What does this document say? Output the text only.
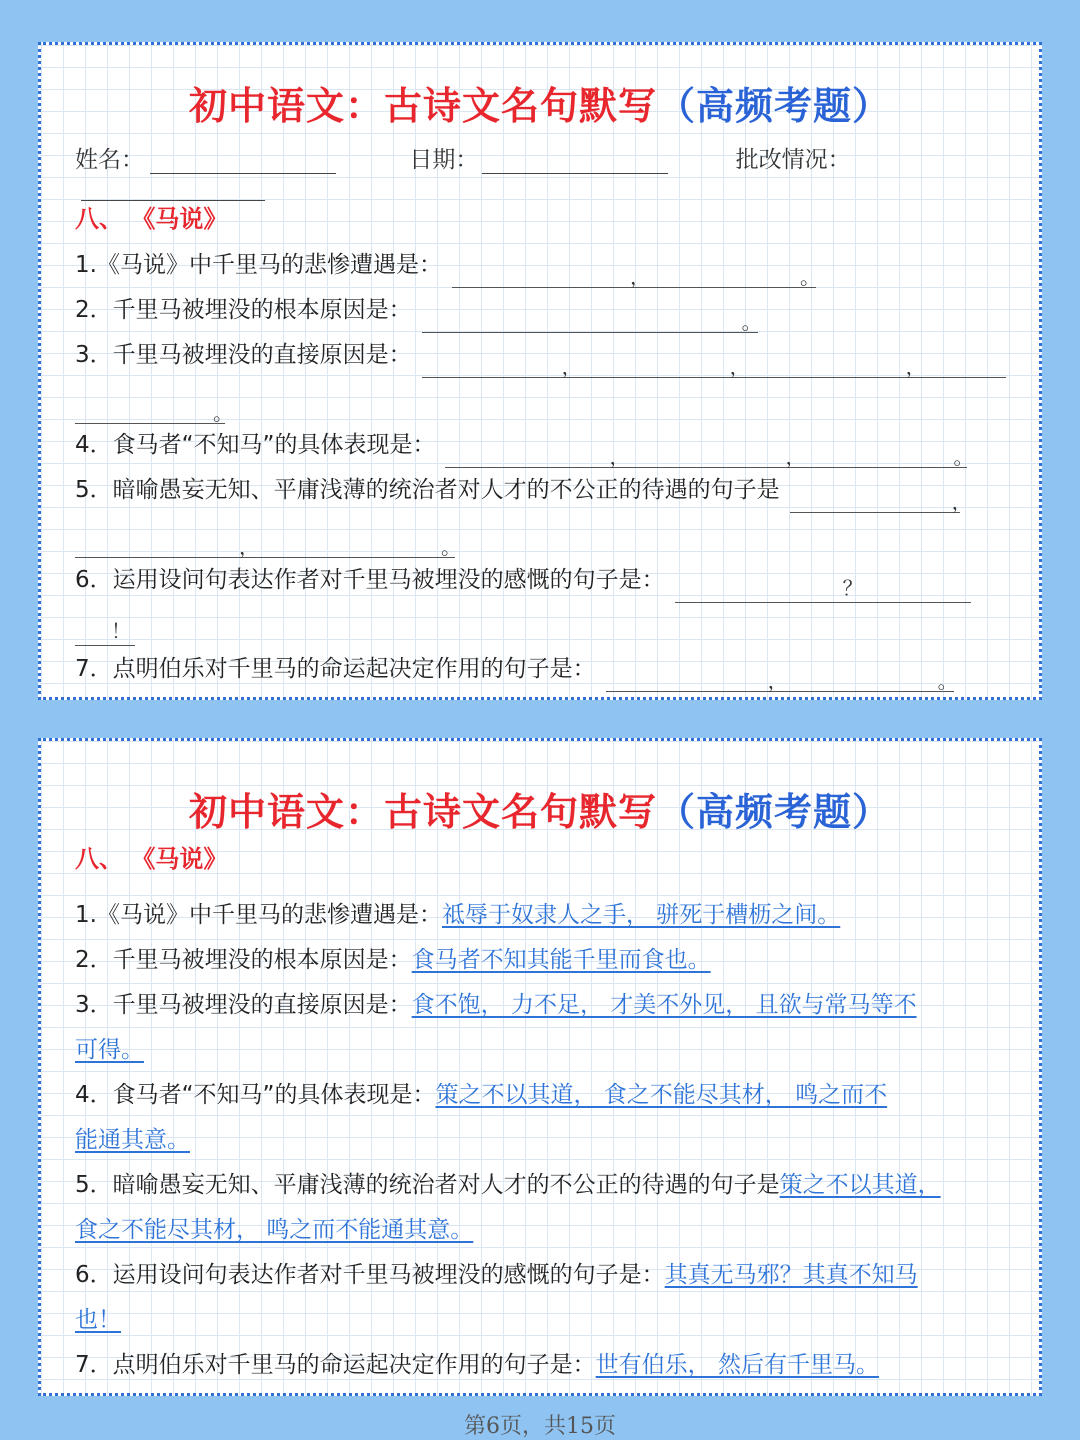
初中语文：古诗文名句默写（高频考题）
姓名：	日期：	批改情况：
八、 《马说》
1.《马说》中千里马的悲惨遭遇是：	，	。
2．千里马被埋没的根本原因是：	。
3．千里马被埋没的直接原因是：	，	，	，
。
4．食马者“不知马”的具体表现是：	，	，	。
5．暗喻愚妄无知、平庸浅薄的统治者对人才的不公正的待遇的句子是	，
，	。
6．运用设问句表达作者对千里马被埋没的感慨的句子是：	？
！
7．点明伯乐对千里马的命运起决定作用的句子是：	，	。
初中语文：古诗文名句默写（高频考题）
八、 《马说》
1.《马说》中千里马的悲惨遭遇是：祗辱于奴隶人之手， 骈死于槽枥之间。
2．千里马被埋没的根本原因是：食马者不知其能千里而食也。
3．千里马被埋没的直接原因是：食不饱， 力不足， 才美不外见， 且欲与常马等不
可得。
4．食马者“不知马”的具体表现是：策之不以其道， 食之不能尽其材， 鸣之而不
能通其意。
5．暗喻愚妄无知、平庸浅薄的统治者对人才的不公正的待遇的句子是策之不以其道，
食之不能尽其材， 鸣之而不能通其意。
6．运用设问句表达作者对千里马被埋没的感慨的句子是：其真无马邪？其真不知马
也！
7．点明伯乐对千里马的命运起决定作用的句子是：世有伯乐， 然后有千里马。
第6页，共15页
